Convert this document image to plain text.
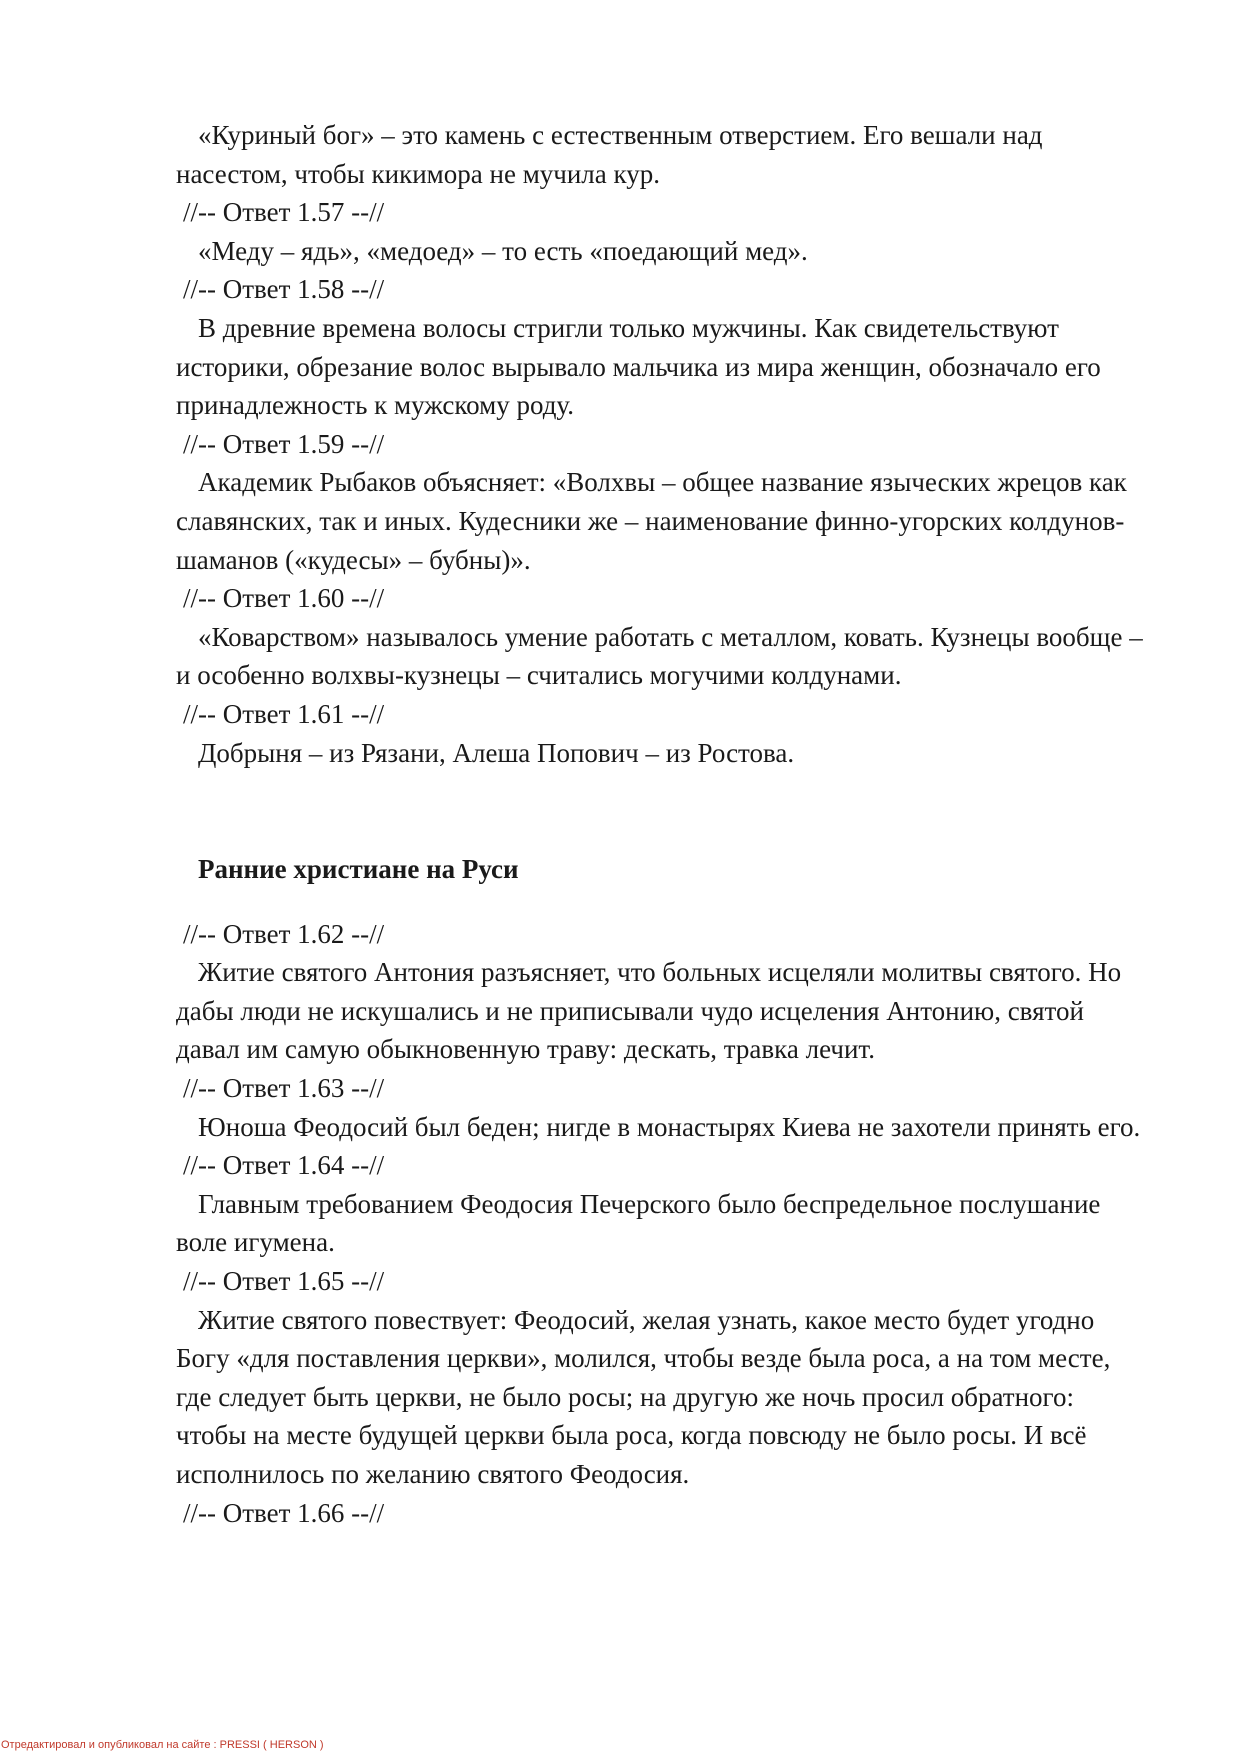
«Куриный бог» – это камень с естественным отверстием. Его вешали над насестом, чтобы кикимора не мучила кур.

//-- Ответ 1.57 --//

«Меду – ядь», «медоед» – то есть «поедающий мед».

//-- Ответ 1.58 --//

В древние времена волосы стригли только мужчины. Как свидетельствуют историки, обрезание волос вырывало мальчика из мира женщин, обозначало его принадлежность к мужскому роду.

//-- Ответ 1.59 --//

Академик Рыбаков объясняет: «Волхвы – общее название языческих жрецов как славянских, так и иных. Кудесники же – наименование финно-угорских колдунов-шаманов («кудесы» – бубны)».

//-- Ответ 1.60 --//

«Коварством» называлось умение работать с металлом, ковать. Кузнецы вообще – и особенно волхвы-кузнецы – считались могучими колдунами.

//-- Ответ 1.61 --//

Добрыня – из Рязани, Алеша Попович – из Ростова.

Ранние христиане на Руси

//-- Ответ 1.62 --//

Житие святого Антония разъясняет, что больных исцеляли молитвы святого. Но дабы люди не искушались и не приписывали чудо исцеления Антонию, святой давал им самую обыкновенную траву: дескать, травка лечит.

//-- Ответ 1.63 --//

Юноша Феодосий был беден; нигде в монастырях Киева не захотели принять его.

//-- Ответ 1.64 --//

Главным требованием Феодосия Печерского было беспредельное послушание воле игумена.

//-- Ответ 1.65 --//

Житие святого повествует: Феодосий, желая узнать, какое место будет угодно Богу «для поставления церкви», молился, чтобы везде была роса, а на том месте, где следует быть церкви, не было росы; на другую же ночь просил обратного: чтобы на месте будущей церкви была роса, когда повсюду не было росы. И всё исполнилось по желанию святого Феодосия.

//-- Ответ 1.66 --//

Отредактировал и опубликовал на сайте : PRESSI ( HERSON )
